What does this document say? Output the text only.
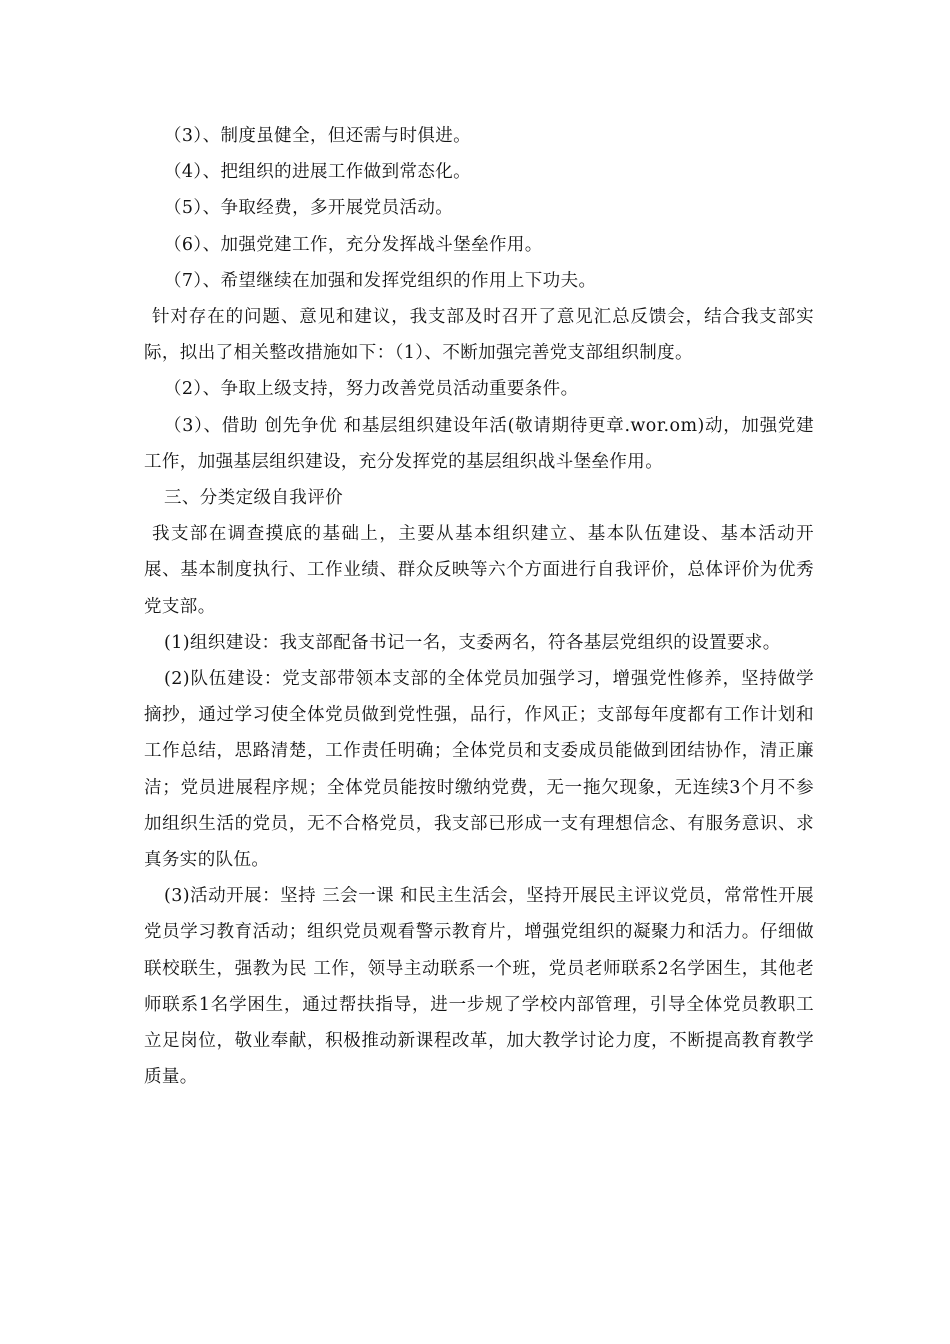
（3）、制度虽健全，但还需与时俱进。

（4）、把组织的进展工作做到常态化。

（5）、争取经费，多开展党员活动。

（6）、加强党建工作，充分发挥战斗堡垒作用。

（7）、希望继续在加强和发挥党组织的作用上下功夫。

针对存在的问题、意见和建议，我支部及时召开了意见汇总反馈会，结合我支部实际，拟出了相关整改措施如下：（1）、不断加强完善党支部组织制度。

（2）、争取上级支持，努力改善党员活动重要条件。

（3）、借助 创先争优 和基层组织建设年活(敬请期待更章.wor.om)动，加强党建工作，加强基层组织建设，充分发挥党的基层组织战斗堡垒作用。

三、分类定级自我评价

我支部在调查摸底的基础上，主要从基本组织建立、基本队伍建设、基本活动开展、基本制度执行、工作业绩、群众反映等六个方面进行自我评价，总体评价为优秀党支部。

(1)组织建设：我支部配备书记一名，支委两名，符各基层党组织的设置要求。

(2)队伍建设：党支部带领本支部的全体党员加强学习，增强党性修养，坚持做学摘抄，通过学习使全体党员做到党性强，品行，作风正；支部每年度都有工作计划和工作总结，思路清楚，工作责任明确；全体党员和支委成员能做到团结协作，清正廉洁；党员进展程序规；全体党员能按时缴纳党费，无一拖欠现象，无连续3个月不参加组织生活的党员，无不合格党员，我支部已形成一支有理想信念、有服务意识、求真务实的队伍。

(3)活动开展：坚持 三会一课 和民主生活会，坚持开展民主评议党员，常常性开展党员学习教育活动；组织党员观看警示教育片，增强党组织的凝聚力和活力。仔细做 联校联生，强教为民 工作，领导主动联系一个班，党员老师联系2名学困生，其他老师联系1名学困生，通过帮扶指导，进一步规了学校内部管理，引导全体党员教职工立足岗位，敬业奉献，积极推动新课程改革，加大教学讨论力度，不断提高教育教学质量。
